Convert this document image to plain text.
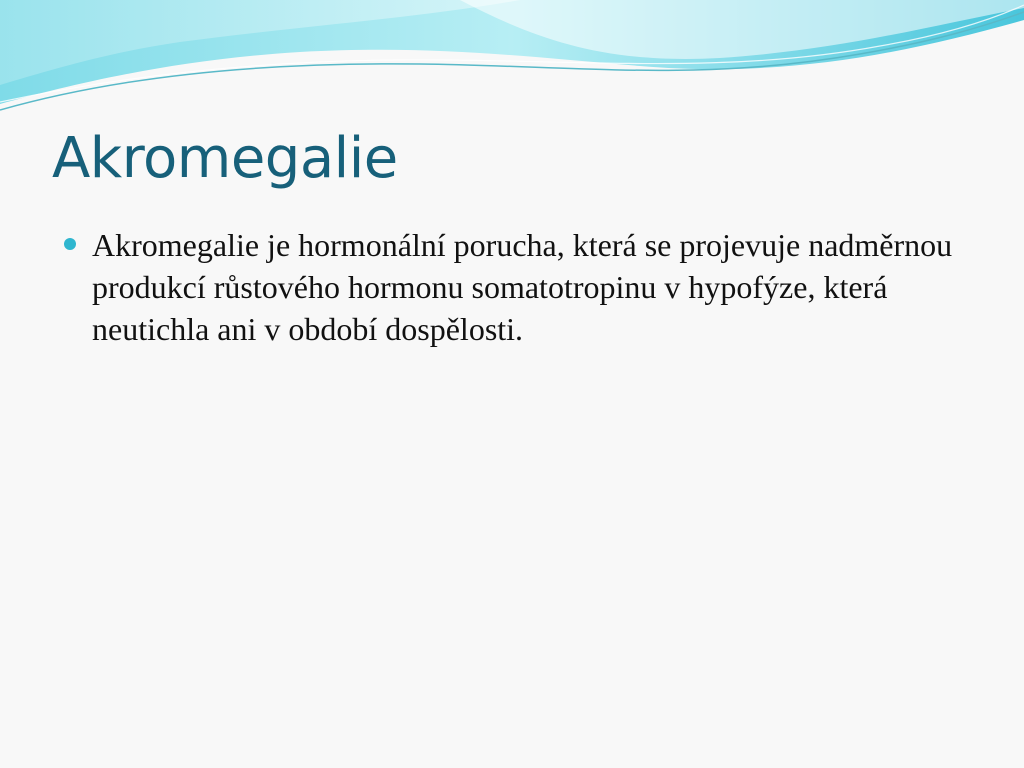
Akromegalie
Akromegalie je hormonální porucha, která se projevuje nadměrnou produkcí růstového hormonu somatotropinu v hypofýze, která neutichla ani v období dospělosti.
